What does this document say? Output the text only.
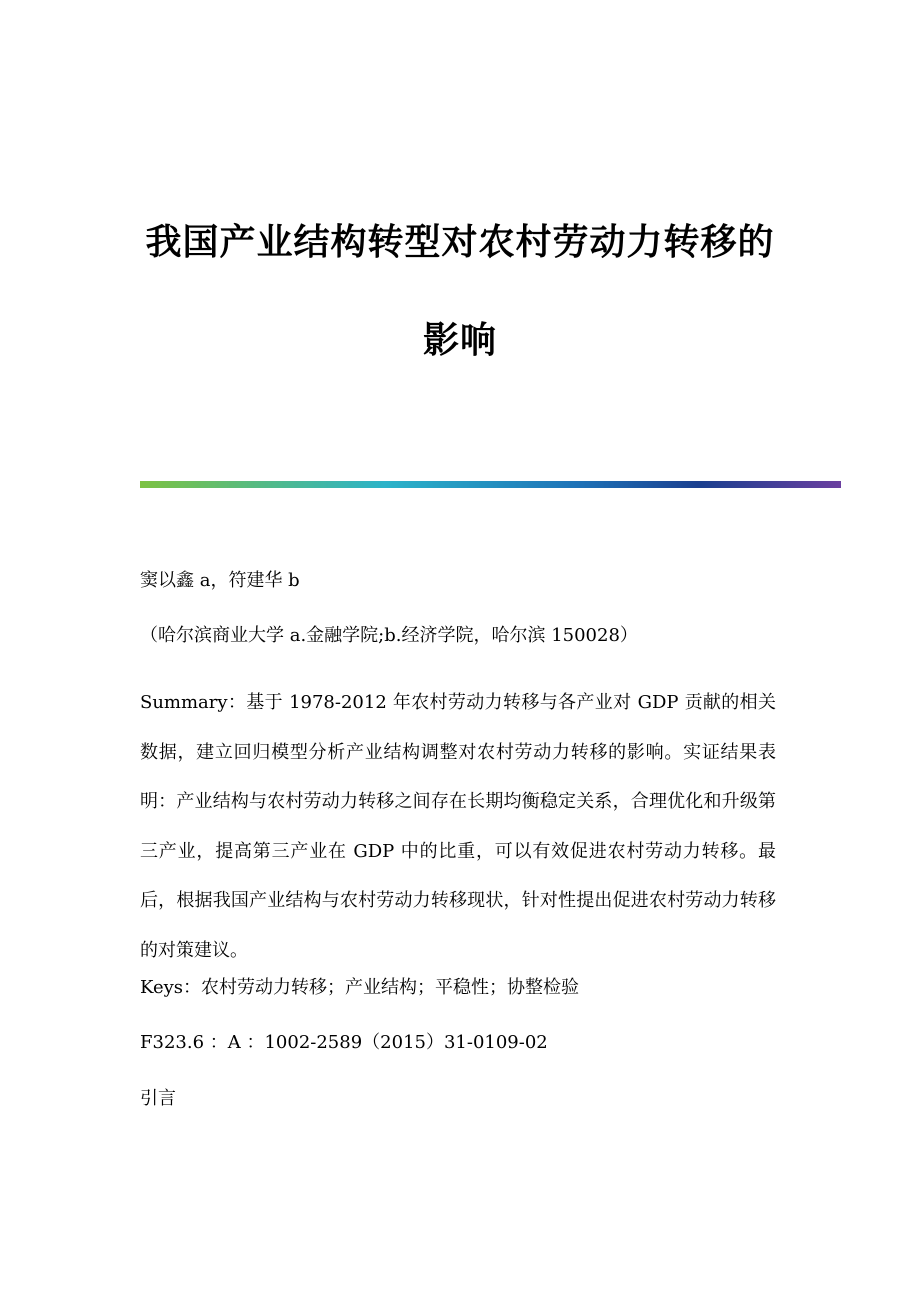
我国产业结构转型对农村劳动力转移的
影响

窦以鑫 a，符建华 b

（哈尔滨商业大学 a.金融学院;b.经济学院，哈尔滨 150028）

Summary：基于 1978-2012 年农村劳动力转移与各产业对 GDP 贡献的相关数据，建立回归模型分析产业结构调整对农村劳动力转移的影响。实证结果表明：产业结构与农村劳动力转移之间存在长期均衡稳定关系，合理优化和升级第三产业，提高第三产业在 GDP 中的比重，可以有效促进农村劳动力转移。最后，根据我国产业结构与农村劳动力转移现状，针对性提出促进农村劳动力转移的对策建议。

Keys：农村劳动力转移；产业结构；平稳性；协整检验

F323.6 ：A ：1002-2589（2015）31-0109-02

引言
